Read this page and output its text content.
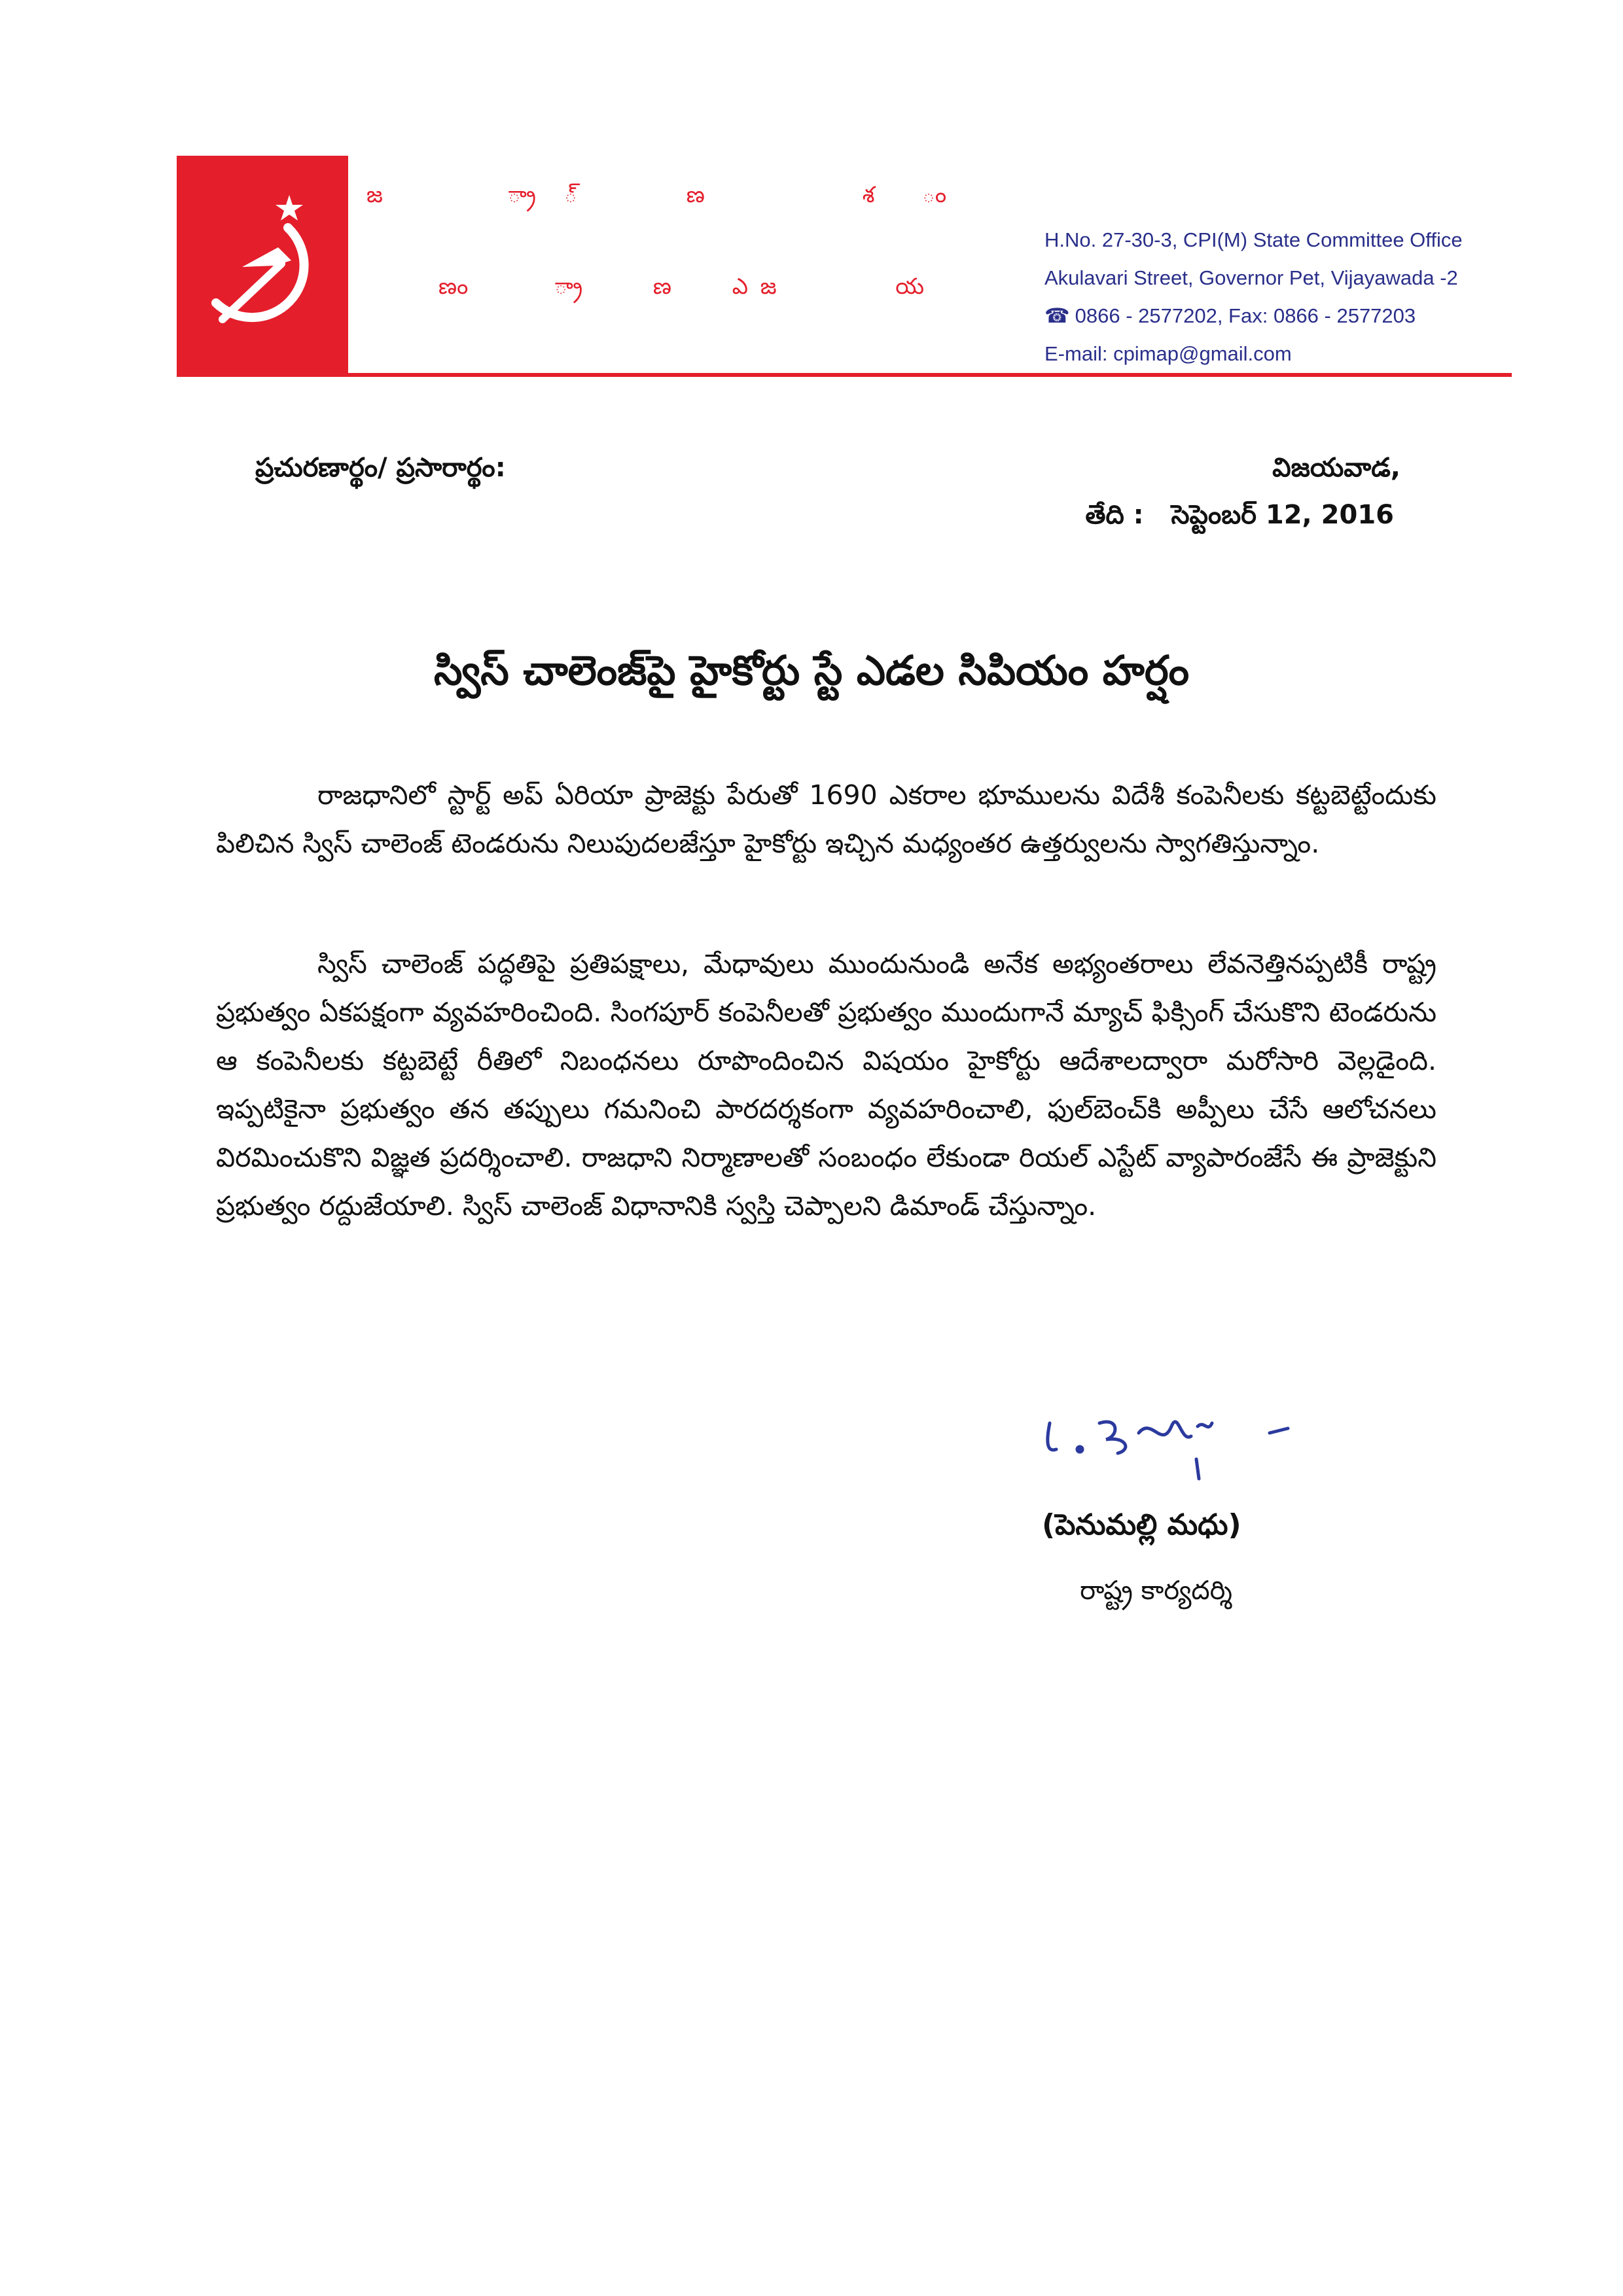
జ             ్రా   ్           ణ                శ     ం
ణం         ్రా       ణ      ఎ జ            య
H.No. 27-30-3, CPI(M) State Committee Office
Akulavari Street, Governor Pet, Vijayawada -2
☎ 0866 - 2577202, Fax: 0866 - 2577203
E-mail: cpimap@gmail.com
ప్రచురణార్థం/ ప్రసారార్థం:	విజయవాడ,
తేది : సెప్టెంబర్ 12, 2016
స్విస్ చాలెంజ్‌పై హైకోర్టు స్టే ఎడల సిపియం హర్షం

రాజధానిలో స్టార్ట్ అప్ ఏరియా ప్రాజెక్టు పేరుతో 1690 ఎకరాల భూములను విదేశీ కంపెనీలకు కట్టబెట్టేందుకు పిలిచిన స్విస్ చాలెంజ్ టెండరును నిలుపుదలజేస్తూ హైకోర్టు ఇచ్చిన మధ్యంతర ఉత్తర్వులను స్వాగతిస్తున్నాం.

స్విస్ చాలెంజ్ పద్ధతిపై ప్రతిపక్షాలు, మేధావులు ముందునుండి అనేక అభ్యంతరాలు లేవనెత్తినప్పటికీ రాష్ట్ర ప్రభుత్వం ఏకపక్షంగా వ్యవహరించింది. సింగపూర్ కంపెనీలతో ప్రభుత్వం ముందుగానే మ్యాచ్ ఫిక్సింగ్ చేసుకొని టెండరును ఆ కంపెనీలకు కట్టబెట్టే రీతిలో నిబంధనలు రూపొందించిన విషయం హైకోర్టు ఆదేశాలద్వారా మరోసారి వెల్లడైంది. ఇప్పటికైనా ప్రభుత్వం తన తప్పులు గమనించి పారదర్శకంగా వ్యవహరించాలి, ఫుల్‌బెంచ్‌కి అప్పీలు చేసే ఆలోచనలు విరమించుకొని విజ్ఞత ప్రదర్శించాలి. రాజధాని నిర్మాణాలతో సంబంధం లేకుండా రియల్ ఎస్టేట్ వ్యాపారంజేసే ఈ ప్రాజెక్టుని ప్రభుత్వం రద్దుజేయాలి. స్విస్ చాలెంజ్ విధానానికి స్వస్తి చెప్పాలని డిమాండ్ చేస్తున్నాం.

(పెనుమల్లి మధు)
రాష్ట్ర కార్యదర్శి
